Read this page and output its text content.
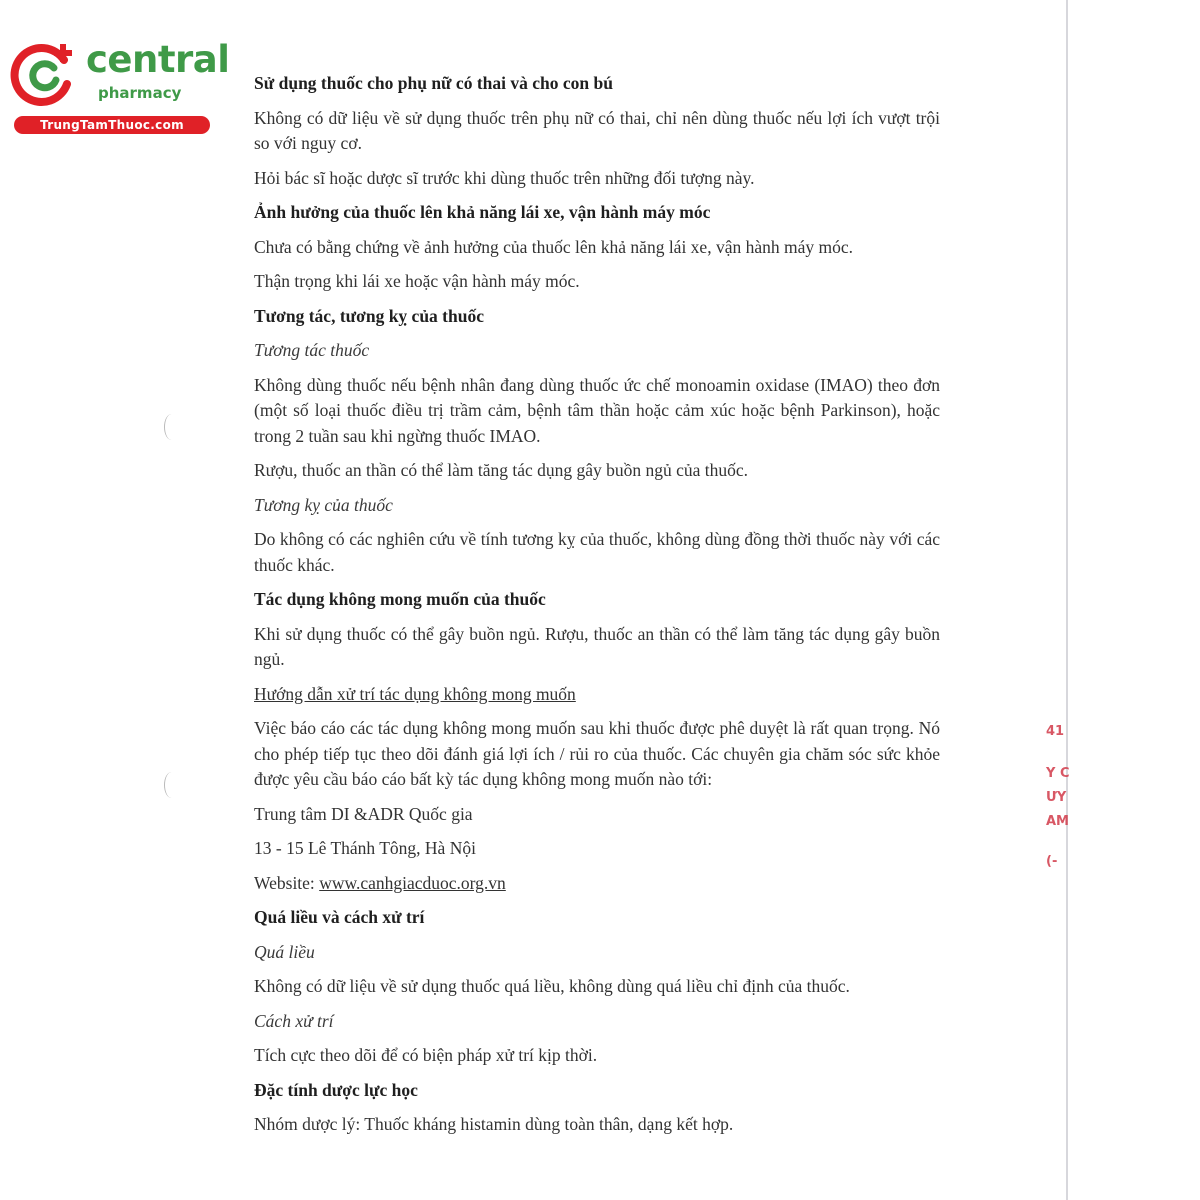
central
pharmacy
TrungTamThuoc.com
41
Y C
ƯY
AM
(-
Sử dụng thuốc cho phụ nữ có thai và cho con bú

Không có dữ liệu về sử dụng thuốc trên phụ nữ có thai, chỉ nên dùng thuốc nếu lợi ích vượt trội so với nguy cơ.

Hỏi bác sĩ hoặc dược sĩ trước khi dùng thuốc trên những đối tượng này.

Ảnh hưởng của thuốc lên khả năng lái xe, vận hành máy móc

Chưa có bằng chứng về ảnh hưởng của thuốc lên khả năng lái xe, vận hành máy móc.

Thận trọng khi lái xe hoặc vận hành máy móc.

Tương tác, tương kỵ của thuốc
Tương tác thuốc

Không dùng thuốc nếu bệnh nhân đang dùng thuốc ức chế monoamin oxidase (IMAO) theo đơn (một số loại thuốc điều trị trầm cảm, bệnh tâm thần hoặc cảm xúc hoặc bệnh Parkinson), hoặc trong 2 tuần sau khi ngừng thuốc IMAO.

Rượu, thuốc an thần có thể làm tăng tác dụng gây buồn ngủ của thuốc.

Tương kỵ của thuốc

Do không có các nghiên cứu về tính tương kỵ của thuốc, không dùng đồng thời thuốc này với các thuốc khác.

Tác dụng không mong muốn của thuốc

Khi sử dụng thuốc có thể gây buồn ngủ. Rượu, thuốc an thần có thể làm tăng tác dụng gây buồn ngủ.

Hướng dẫn xử trí tác dụng không mong muốn

Việc báo cáo các tác dụng không mong muốn sau khi thuốc được phê duyệt là rất quan trọng. Nó cho phép tiếp tục theo dõi đánh giá lợi ích / rủi ro của thuốc. Các chuyên gia chăm sóc sức khỏe được yêu cầu báo cáo bất kỳ tác dụng không mong muốn nào tới:

Trung tâm DI &ADR Quốc gia

13 - 15 Lê Thánh Tông, Hà Nội

Website: www.canhgiacduoc.org.vn

Quá liều và cách xử trí
Quá liều

Không có dữ liệu về sử dụng thuốc quá liều, không dùng quá liều chỉ định của thuốc.

Cách xử trí

Tích cực theo dõi để có biện pháp xử trí kịp thời.

Đặc tính dược lực học

Nhóm dược lý: Thuốc kháng histamin dùng toàn thân, dạng kết hợp.
